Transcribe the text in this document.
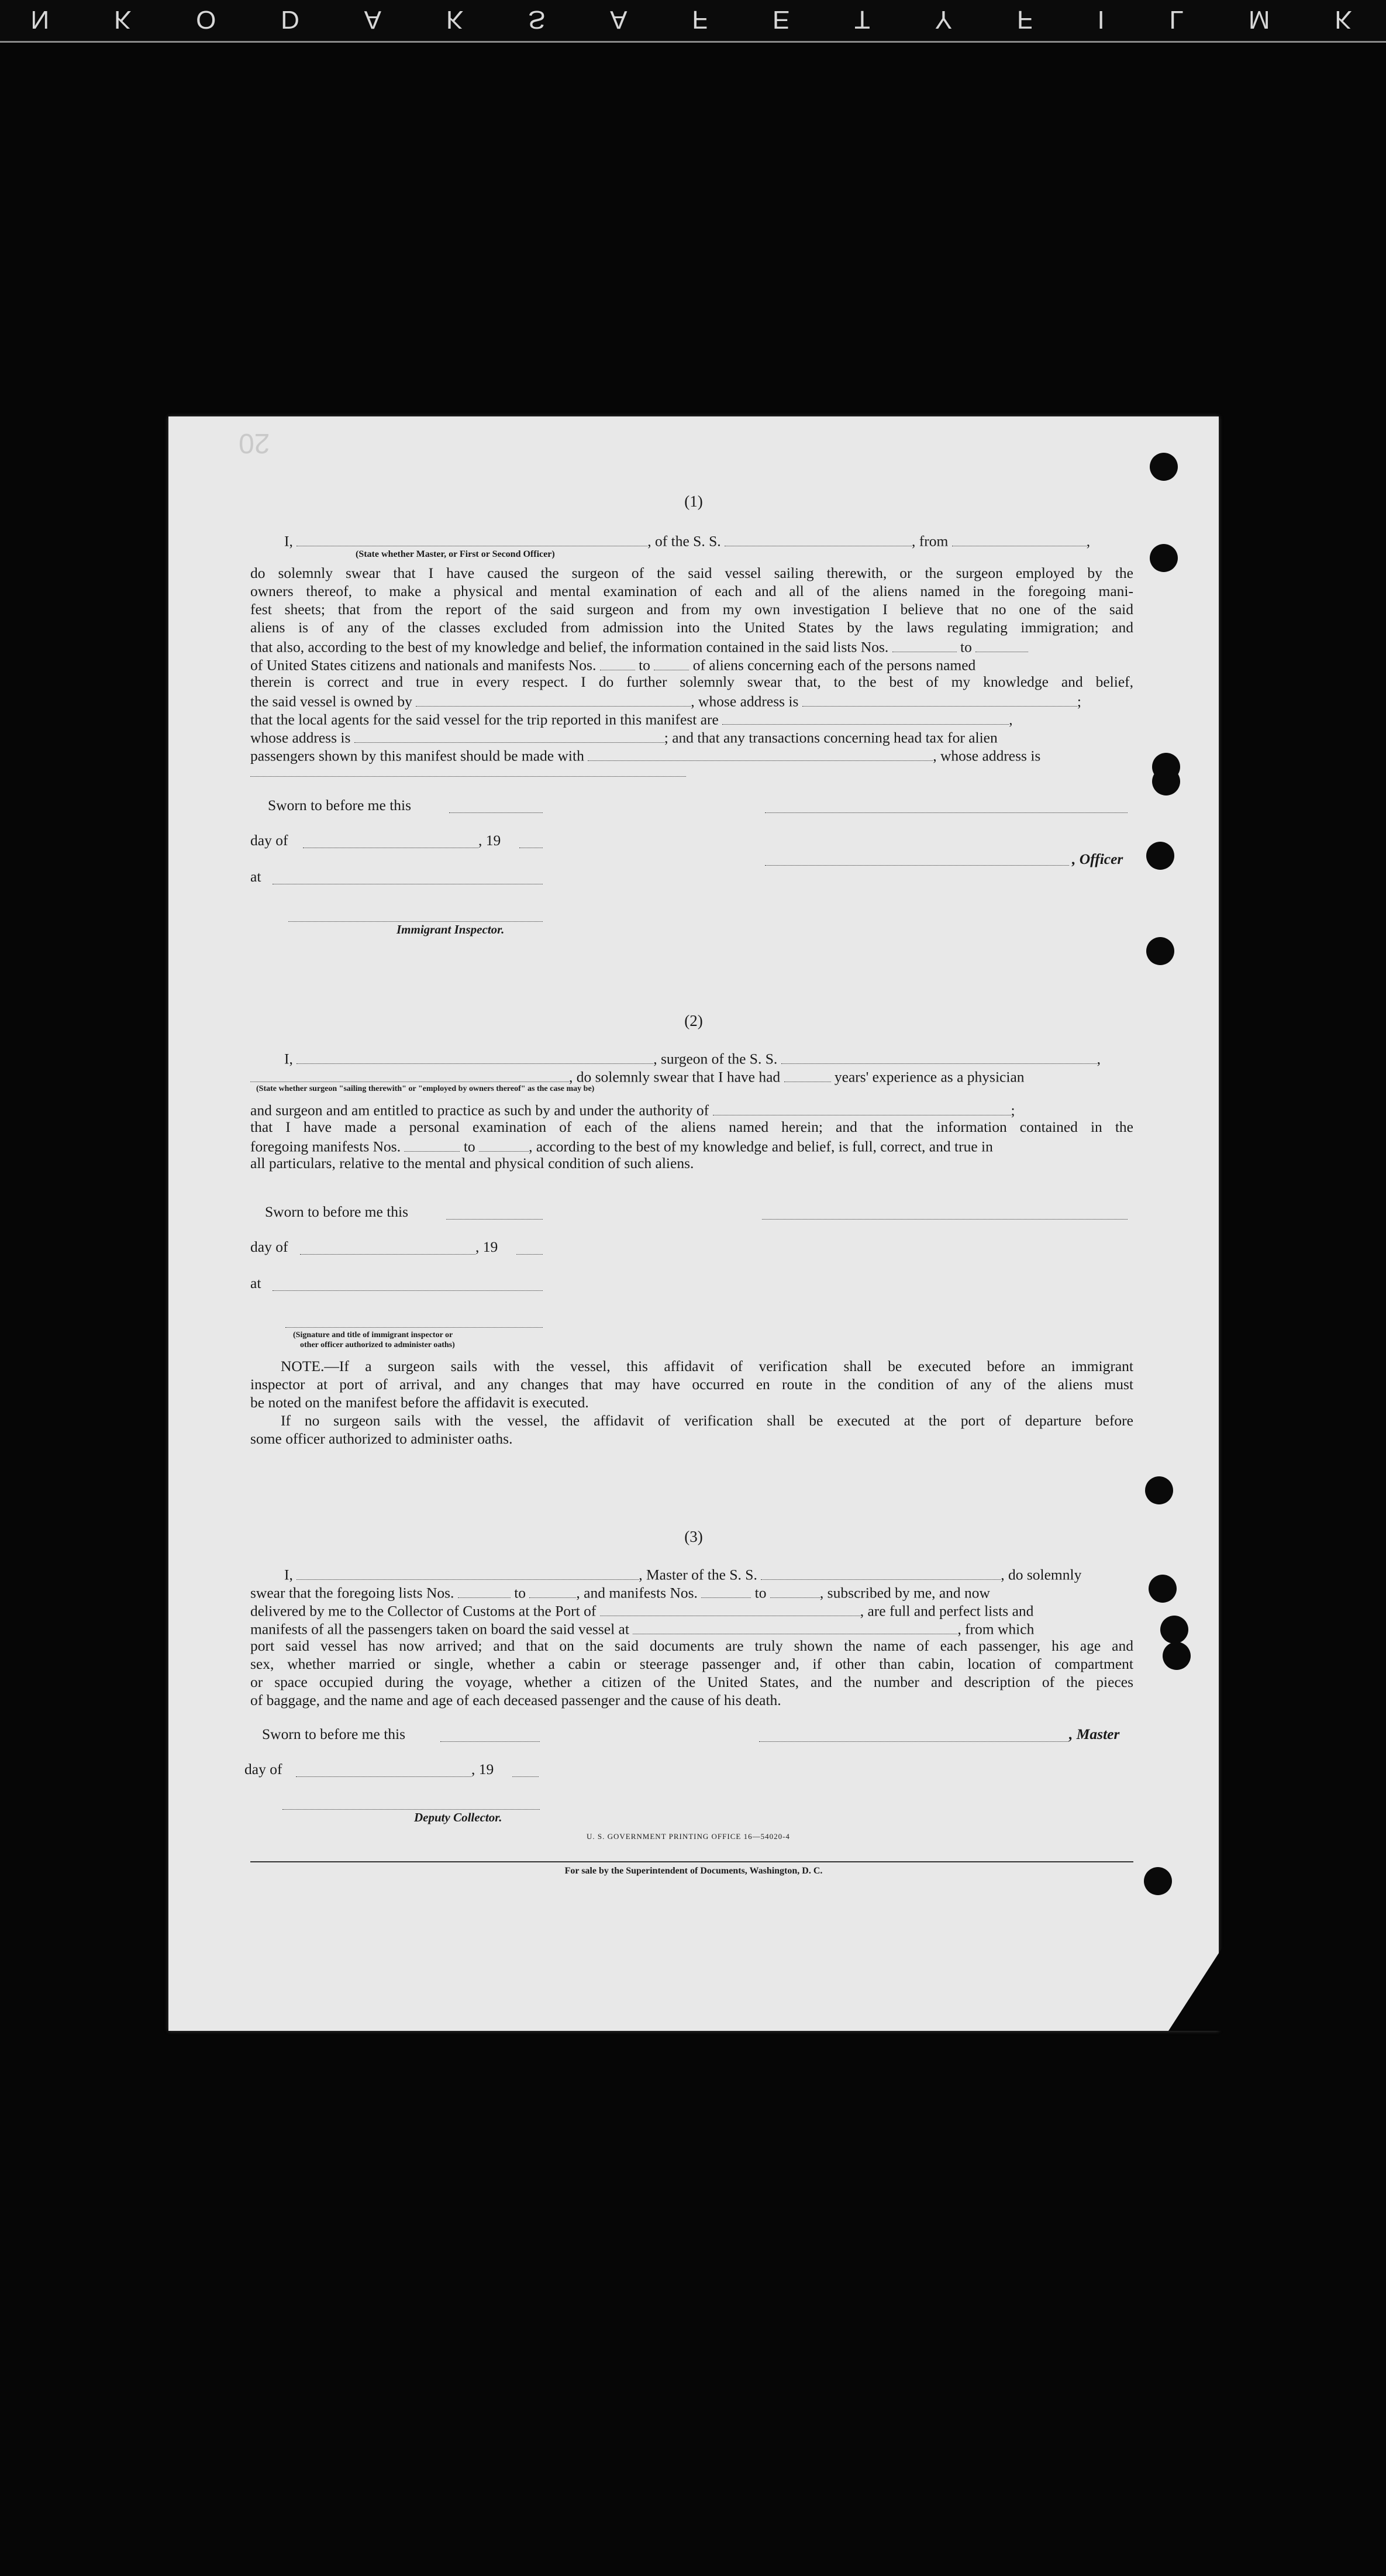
N K O D A K S A F E T Y F I L M K
20
(1)
I,	, of the S. S.	, from	,
(State whether Master, or First or Second Officer)
do solemnly swear that I have caused the surgeon of the said vessel sailing therewith, or the surgeon employed by the
owners thereof, to make a physical and mental examination of each and all of the aliens named in the foregoing mani-
fest sheets; that from the report of the said surgeon and from my own investigation I believe that no one of the said
aliens is of any of the classes excluded from admission into the United States by the laws regulating immigration; and
that also, according to the best of my knowledge and belief, the information contained in the said lists Nos.	to
of United States citizens and nationals and manifests Nos.	to	of aliens concerning each of the persons named
therein is correct and true in every respect. I do further solemnly swear that, to the best of my knowledge and belief,
the said vessel is owned by	, whose address is	;
that the local agents for the said vessel for the trip reported in this manifest are	,
whose address is	; and that any transactions concerning head tax for alien
passengers shown by this manifest should be made with	, whose address is
Sworn to before me this
day of	, 19
, Officer
at
Immigrant Inspector.
(2)
I,	, surgeon of the S. S.	,
, do solemnly swear that I have had	years' experience as a physician
(State whether surgeon "sailing therewith" or "employed by owners thereof" as the case may be)
and surgeon and am entitled to practice as such by and under the authority of	;
that I have made a personal examination of each of the aliens named herein; and that the information contained in the
foregoing manifests Nos.	to	, according to the best of my knowledge and belief, is full, correct, and true in
all particulars, relative to the mental and physical condition of such aliens.
Sworn to before me this
day of	, 19
at
(Signature and title of immigrant inspector or
other officer authorized to administer oaths)
NOTE.—If a surgeon sails with the vessel, this affidavit of verification shall be executed before an immigrant
inspector at port of arrival, and any changes that may have occurred en route in the condition of any of the aliens must
be noted on the manifest before the affidavit is executed.
If no surgeon sails with the vessel, the affidavit of verification shall be executed at the port of departure before
some officer authorized to administer oaths.
(3)
I,	, Master of the S. S.	, do solemnly
swear that the foregoing lists Nos.	to	, and manifests Nos.	to	, subscribed by me, and now
delivered by me to the Collector of Customs at the Port of	, are full and perfect lists and
manifests of all the passengers taken on board the said vessel at	, from which
port said vessel has now arrived; and that on the said documents are truly shown the name of each passenger, his age and
sex, whether married or single, whether a cabin or steerage passenger and, if other than cabin, location of compartment
or space occupied during the voyage, whether a citizen of the United States, and the number and description of the pieces
of baggage, and the name and age of each deceased passenger and the cause of his death.
Sworn to before me this	, Master
day of	, 19
Deputy Collector.
U. S. GOVERNMENT PRINTING OFFICE 16—54020-4
For sale by the Superintendent of Documents, Washington, D. C.
